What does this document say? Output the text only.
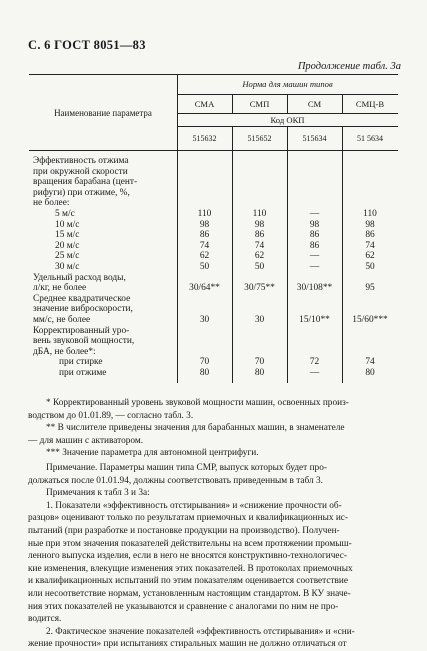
С. 6 ГОСТ 8051—83
Продолжение табл. 3а
Наименование параметра
Норма для машин типов
СМА	СМП	СМ	СМЦ-В
Код ОКП
515632	515652	515634	51 5634
Эффективность отжима
при окружной скорости
вращения барабана (цент-
рифуги) при отжиме, %,
не более:
5 м/с	110	110	—	110
10 м/с	98	98	98	98
15 м/с	86	86	86	86
20 м/с	74	74	86	74
25 м/с	62	62	—	62
30 м/с	50	50	—	50
Удельный расход воды,
л/кг, не более	30/64**	30/75**	30/108**	95
Среднее квадратическое
значение виброскорости,
мм/с, не более	30	30	15/10**	15/60***
Корректированный уро-
вень звуковой мощности,
дБА, не более*:
при стирке	70	70	72	74
при отжиме	80	80	—	80

* Корректированный уровень звуковой мощности машин, освоенных произ-

водством до 01.01.89, — согласно табл. 3.

** В числителе приведены значения для барабанных машин, в знаменателе

— для машин с активатором.

*** Значение параметра для автономной центрифуги.

Примечание. Параметры машин типа СМР, выпуск которых будет про-

должаться после 01.01.94, должны соответствовать приведенным в табл 3.

Примечания к табл 3 и 3а:

1. Показатели «эффективность отстирывания» и «снижение прочности об-

разцов» оценивают только по результатам приемочных и квалификационных ис-

пытаний (при разработке и постановке продукции на производство). Получен-

ные при этом значения показателей действительны на всем протяжении промыш-

ленного выпуска изделия, если в него не вносятся конструктивно-технологичес-

кие изменения, влекущие изменения этих показателей. В протоколах приемочных

и квалификационных испытаний по этим показателям оценивается соответствие

или несоответствие нормам, установленным настоящим стандартом. В КУ значе-

ния этих показателей не указываются и сравнение с аналогами по ним не про-

водится.

2. Фактическое значение показателей «эффективность отстирывания» и «сни-

жение прочности» при испытаниях стиральных машин не должно отличаться от
